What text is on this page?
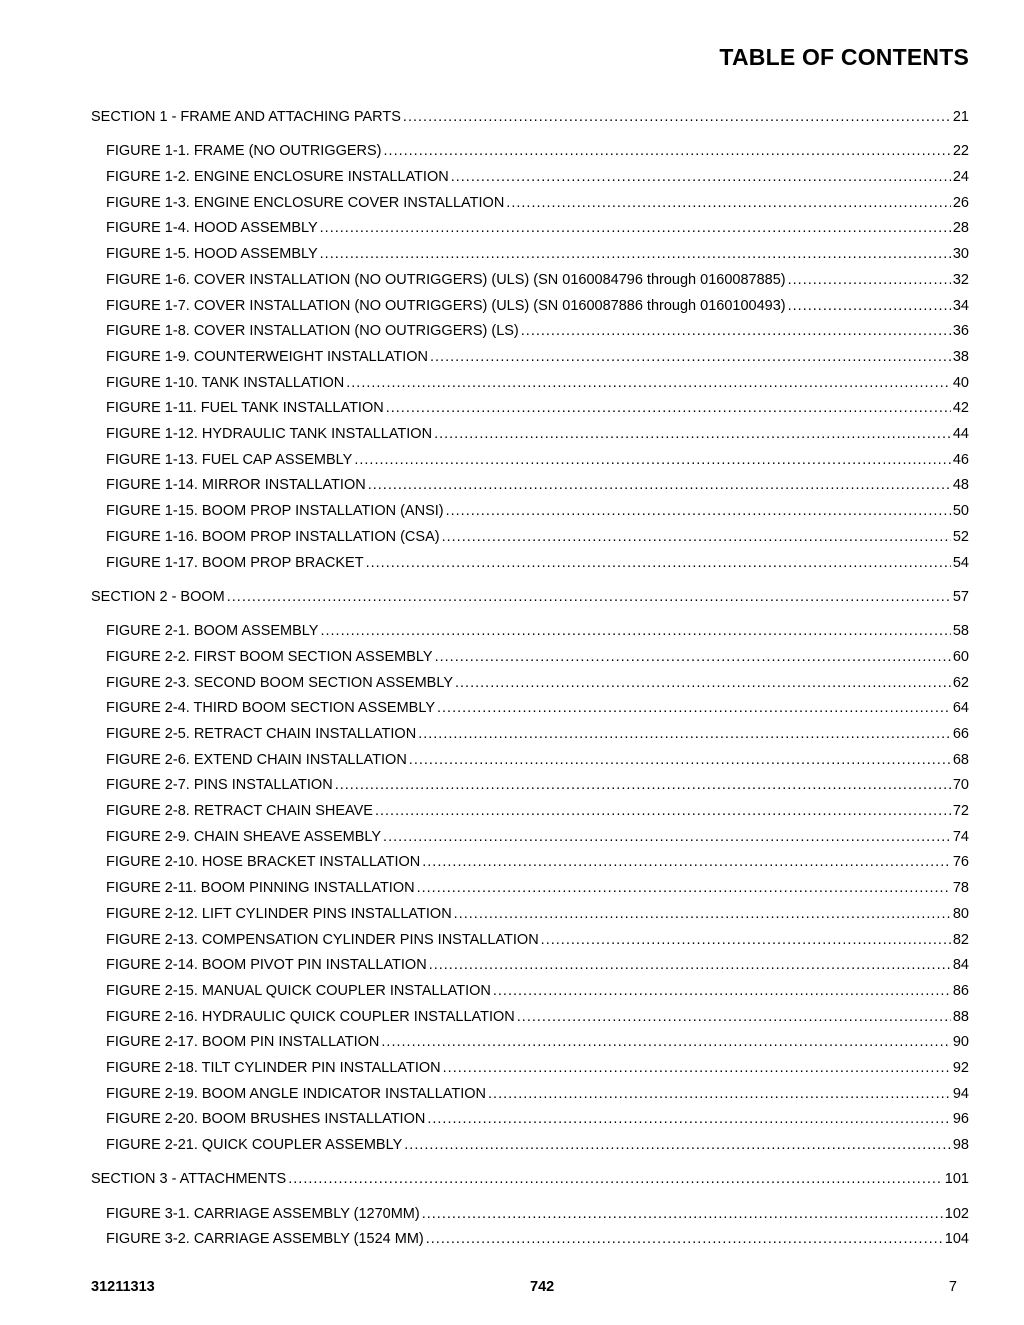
TABLE OF CONTENTS
SECTION 1 - FRAME AND ATTACHING PARTS .....	21
FIGURE 1-1. FRAME (NO OUTRIGGERS) .....	22
FIGURE 1-2. ENGINE ENCLOSURE INSTALLATION .....	24
FIGURE 1-3. ENGINE ENCLOSURE COVER INSTALLATION .....	26
FIGURE 1-4. HOOD ASSEMBLY .....	28
FIGURE 1-5. HOOD ASSEMBLY .....	30
FIGURE 1-6. COVER INSTALLATION (NO OUTRIGGERS) (ULS) (SN 0160084796 through 0160087885) .....	32
FIGURE 1-7. COVER INSTALLATION (NO OUTRIGGERS) (ULS) (SN 0160087886 through 0160100493) .....	34
FIGURE 1-8. COVER INSTALLATION (NO OUTRIGGERS) (LS) .....	36
FIGURE 1-9. COUNTERWEIGHT INSTALLATION .....	38
FIGURE 1-10. TANK INSTALLATION .....	40
FIGURE 1-11. FUEL TANK INSTALLATION .....	42
FIGURE 1-12. HYDRAULIC TANK INSTALLATION .....	44
FIGURE 1-13. FUEL CAP ASSEMBLY .....	46
FIGURE 1-14. MIRROR INSTALLATION .....	48
FIGURE 1-15. BOOM PROP INSTALLATION (ANSI) .....	50
FIGURE 1-16. BOOM PROP INSTALLATION (CSA) .....	52
FIGURE 1-17. BOOM PROP BRACKET .....	54
SECTION 2 - BOOM .....	57
FIGURE 2-1. BOOM ASSEMBLY .....	58
FIGURE 2-2. FIRST BOOM SECTION ASSEMBLY .....	60
FIGURE 2-3. SECOND BOOM SECTION ASSEMBLY .....	62
FIGURE 2-4. THIRD BOOM SECTION ASSEMBLY .....	64
FIGURE 2-5. RETRACT CHAIN INSTALLATION .....	66
FIGURE 2-6. EXTEND CHAIN INSTALLATION .....	68
FIGURE 2-7. PINS INSTALLATION .....	70
FIGURE 2-8. RETRACT CHAIN SHEAVE .....	72
FIGURE 2-9. CHAIN SHEAVE ASSEMBLY .....	74
FIGURE 2-10. HOSE BRACKET INSTALLATION .....	76
FIGURE 2-11. BOOM PINNING INSTALLATION .....	78
FIGURE 2-12. LIFT CYLINDER PINS INSTALLATION .....	80
FIGURE 2-13. COMPENSATION CYLINDER PINS INSTALLATION .....	82
FIGURE 2-14. BOOM PIVOT PIN INSTALLATION .....	84
FIGURE 2-15. MANUAL QUICK COUPLER INSTALLATION .....	86
FIGURE 2-16. HYDRAULIC QUICK COUPLER INSTALLATION .....	88
FIGURE 2-17. BOOM PIN INSTALLATION .....	90
FIGURE 2-18. TILT CYLINDER PIN INSTALLATION .....	92
FIGURE 2-19. BOOM ANGLE INDICATOR INSTALLATION .....	94
FIGURE 2-20. BOOM BRUSHES INSTALLATION .....	96
FIGURE 2-21. QUICK COUPLER ASSEMBLY .....	98
SECTION 3 - ATTACHMENTS .....	101
FIGURE 3-1. CARRIAGE ASSEMBLY (1270MM) .....	102
FIGURE 3-2. CARRIAGE ASSEMBLY (1524 MM) .....	104
31211313	742	7
